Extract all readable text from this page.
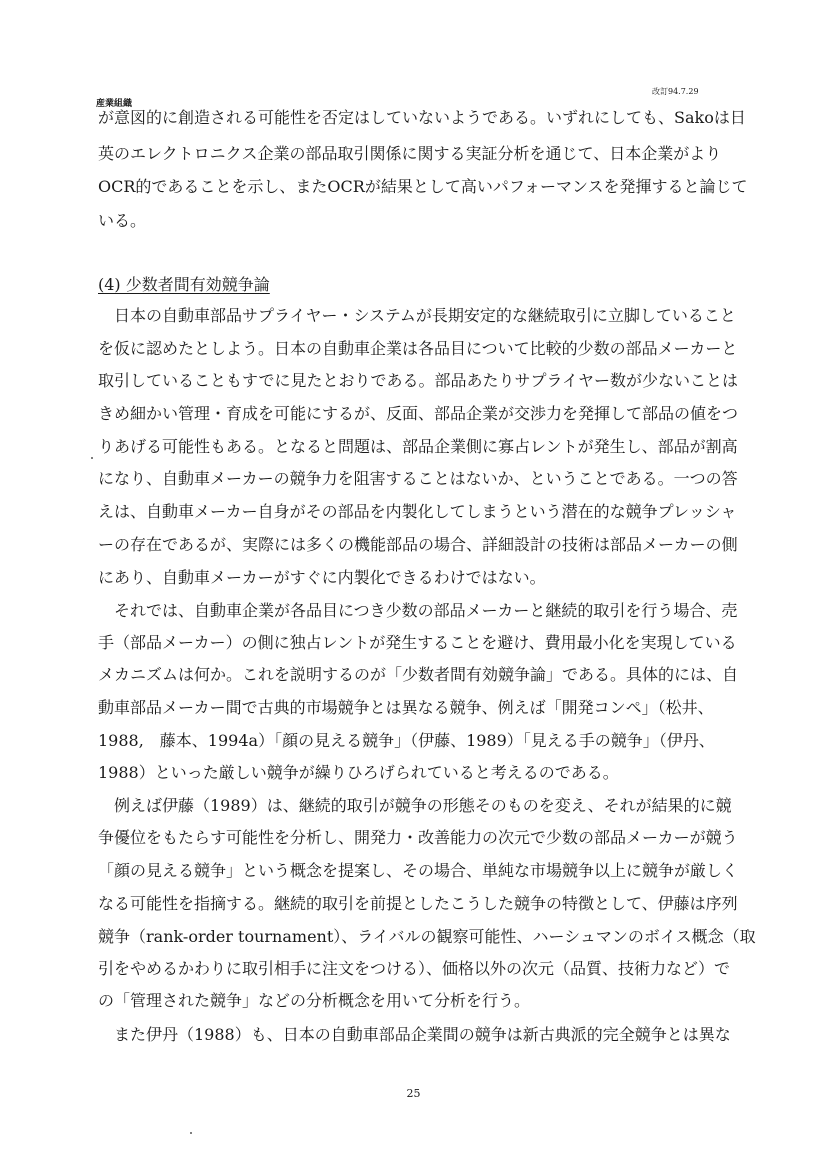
改訂94.7.29
産業組織
が意図的に創造される可能性を否定はしていないようである。いずれにしても、Sakoは日
英のエレクトロニクス企業の部品取引関係に関する実証分析を通じて、日本企業がより
OCR的であることを示し、またOCRが結果として高いパフォーマンスを発揮すると論じて
いる。
(4) 少数者間有効競争論
　日本の自動車部品サプライヤー・システムが長期安定的な継続取引に立脚していること
を仮に認めたとしよう。日本の自動車企業は各品目について比較的少数の部品メーカーと
取引していることもすでに見たとおりである。部品あたりサプライヤー数が少ないことは
きめ細かい管理・育成を可能にするが、反面、部品企業が交渉力を発揮して部品の値をつ
りあげる可能性もある。となると問題は、部品企業側に寡占レントが発生し、部品が割高
になり、自動車メーカーの競争力を阻害することはないか、ということである。一つの答
えは、自動車メーカー自身がその部品を内製化してしまうという潜在的な競争プレッシャ
ーの存在であるが、実際には多くの機能部品の場合、詳細設計の技術は部品メーカーの側
にあり、自動車メーカーがすぐに内製化できるわけではない。
　それでは、自動車企業が各品目につき少数の部品メーカーと継続的取引を行う場合、売
手（部品メーカー）の側に独占レントが発生することを避け、費用最小化を実現している
メカニズムは何か。これを説明するのが「少数者間有効競争論」である。具体的には、自
動車部品メーカー間で古典的市場競争とは異なる競争、例えば「開発コンペ」（松井、
1988,　藤本、1994a）「顔の見える競争」（伊藤、1989）「見える手の競争」（伊丹、
1988）といった厳しい競争が繰りひろげられていると考えるのである。
　例えば伊藤（1989）は、継続的取引が競争の形態そのものを変え、それが結果的に競
争優位をもたらす可能性を分析し、開発力・改善能力の次元で少数の部品メーカーが競う
「顔の見える競争」という概念を提案し、その場合、単純な市場競争以上に競争が厳しく
なる可能性を指摘する。継続的取引を前提としたこうした競争の特徴として、伊藤は序列
競争（rank-order tournament）、ライバルの観察可能性、ハーシュマンのボイス概念（取
引をやめるかわりに取引相手に注文をつける）、価格以外の次元（品質、技術力など）で
の「管理された競争」などの分析概念を用いて分析を行う。
　また伊丹（1988）も、日本の自動車部品企業間の競争は新古典派的完全競争とは異な
25
